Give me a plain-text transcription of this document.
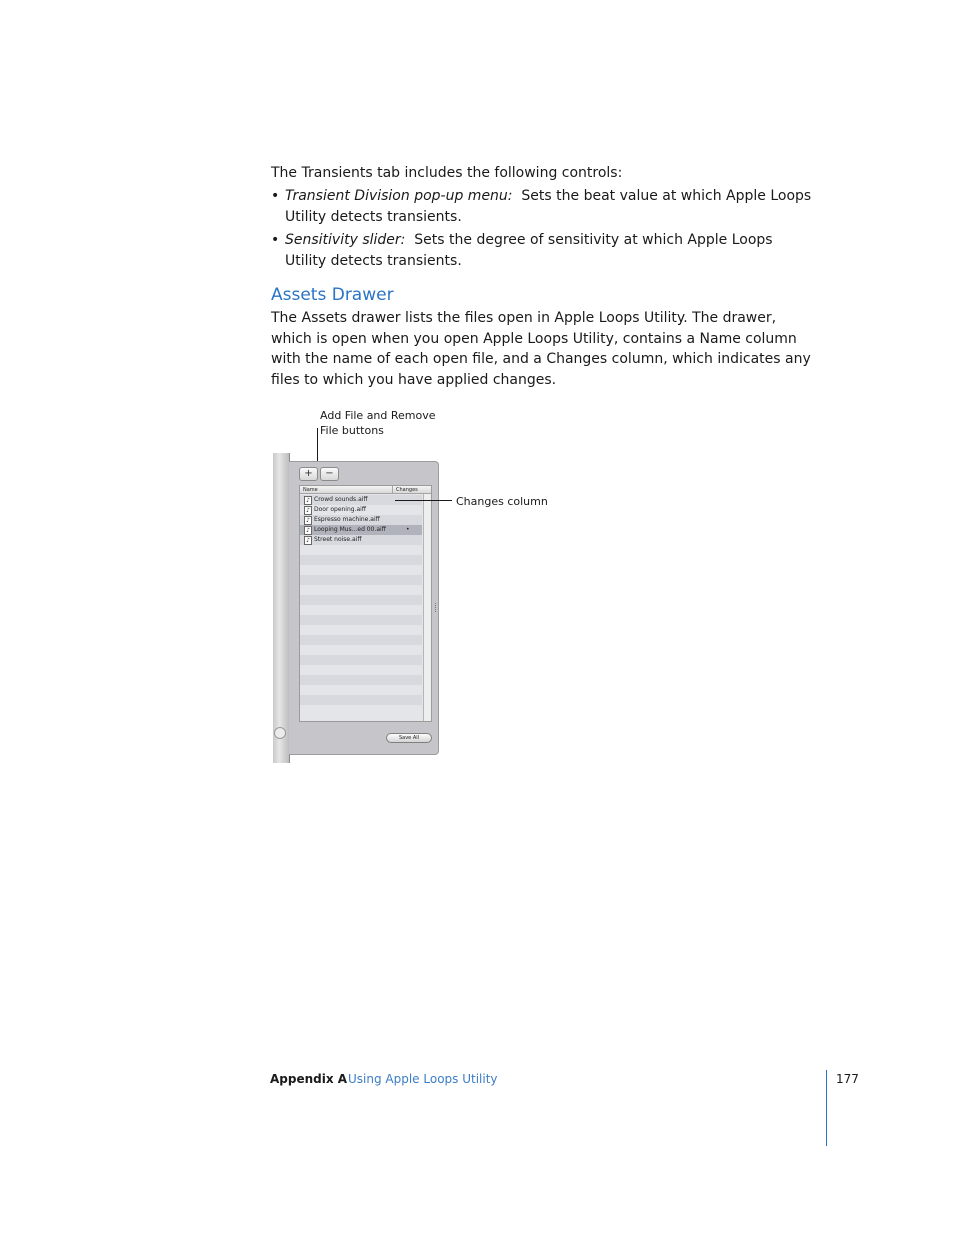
The Transients tab includes the following controls:
• Transient Division pop-up menu: Sets the beat value at which Apple Loops Utility detects transients.
• Sensitivity slider: Sets the degree of sensitivity at which Apple Loops Utility detects transients.
Assets Drawer
The Assets drawer lists the files open in Apple Loops Utility. The drawer, which is open when you open Apple Loops Utility, contains a Name column with the name of each open file, and a Changes column, which indicates any files to which you have applied changes.
Add File and Remove
File buttons
+	−
Name	Changes
♪ Crowd sounds.aiff
♪ Door opening.aiff
♪ Espresso machine.aiff
♪ Looping Mus...ed 00.aiff	•
♪ Street noise.aiff
Save All
Changes column
Appendix A Using Apple Loops Utility	177
